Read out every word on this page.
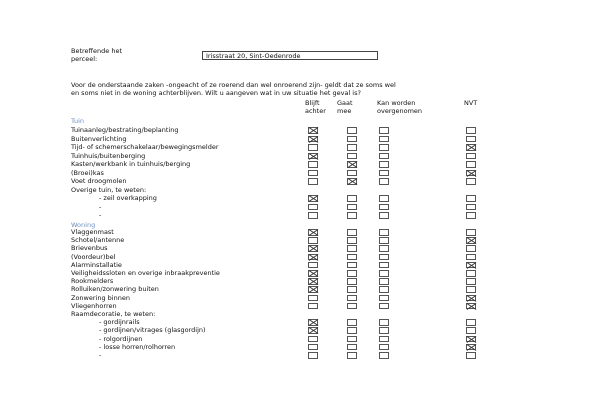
Betreffende het
perceel:	Irisstraat 20, Sint-Oedenrode
Voor de onderstaande zaken -ongeacht of ze roerend dan wel onroerend zijn- geldt dat ze soms wel
en soms niet in de woning achterblijven. Wilt u aangeven wat in uw situatie het geval is?
Blijft
achter
Gaat
mee
Kan worden
overgenomen
NVT
Tuin
Tuinaanleg/bestrating/beplanting
Buitenverlichting
Tijd- of schemerschakelaar/bewegingsmelder
Tuinhuis/buitenberging
Kasten/werkbank in tuinhuis/berging
(Broei)kas
Voet droogmolen
Overige tuin, te weten:
- zeil overkapping
-
-
Woning
Vlaggenmast
Schotel/antenne
Brievenbus
(Voordeur)bel
Alarminstallatie
Veiligheidssloten en overige inbraakpreventie
Rookmelders
Rolluiken/zonwering buiten
Zonwering binnen
Vliegenhorren
Raamdecoratie, te weten:
- gordijnrails
- gordijnen/vitrages (glasgordijn)
- rolgordijnen
- losse horren/rolhorren
-
